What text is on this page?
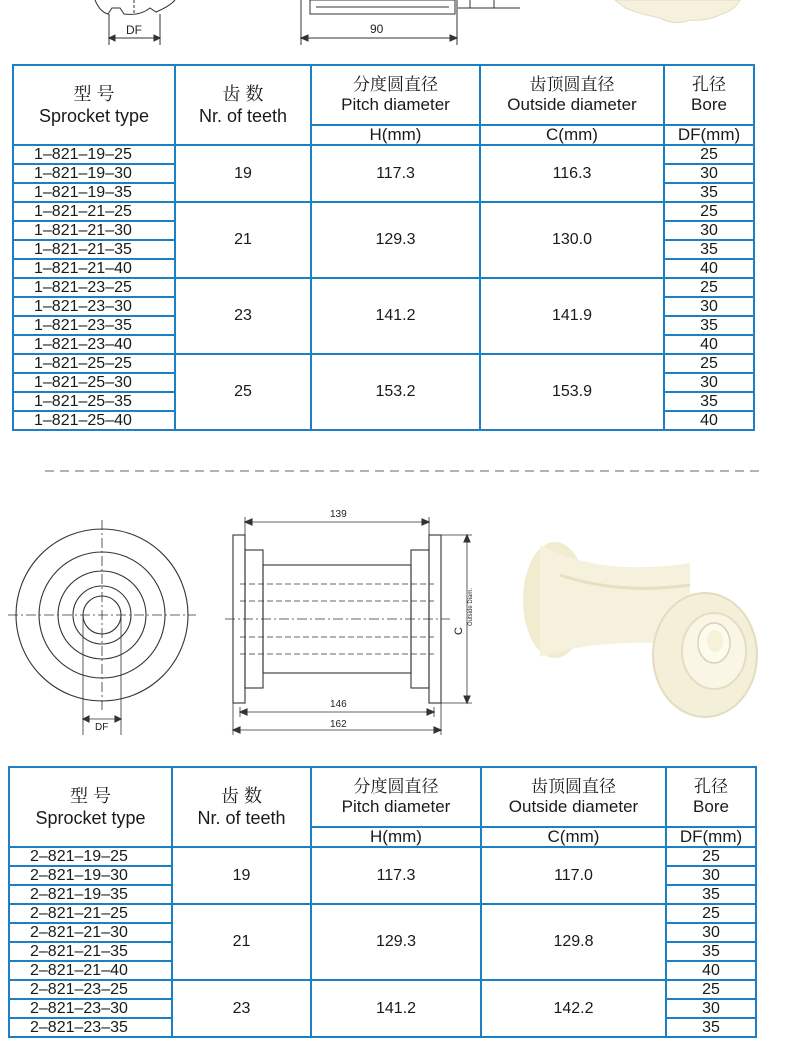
DF	90
型 号
Sprocket type	齿 数
Nr. of teeth	分度圆直径
Pitch diameter	齿顶圆直径
Outside diameter	孔径
Bore

		H(mm)	C(mm)	DF(mm)
1–821–19–25	19	117.3	116.3	25
1–821–19–30				30
1–821–19–35				35
1–821–21–25	21	129.3	130.0	25
1–821–21–30				30
1–821–21–35				35
1–821–21–40				40
1–821–23–25	23	141.2	141.9	25
1–821–23–30				30
1–821–23–35				35
1–821–23–40				40
1–821–25–25	25	153.2	153.9	25
1–821–25–30				30
1–821–25–35				35
1–821–25–40				40
DF
139
146
162
C
Outside Diam.
型 号
Sprocket type	齿 数
Nr. of teeth	分度圆直径
Pitch diameter	齿顶圆直径
Outside diameter	孔径
Bore

		H(mm)	C(mm)	DF(mm)
2–821–19–25	19	117.3	117.0	25
2–821–19–30				30
2–821–19–35				35
2–821–21–25	21	129.3	129.8	25
2–821–21–30				30
2–821–21–35				35
2–821–21–40				40
2–821–23–25	23	141.2	142.2	25
2–821–23–30				30
2–821–23–35				35
